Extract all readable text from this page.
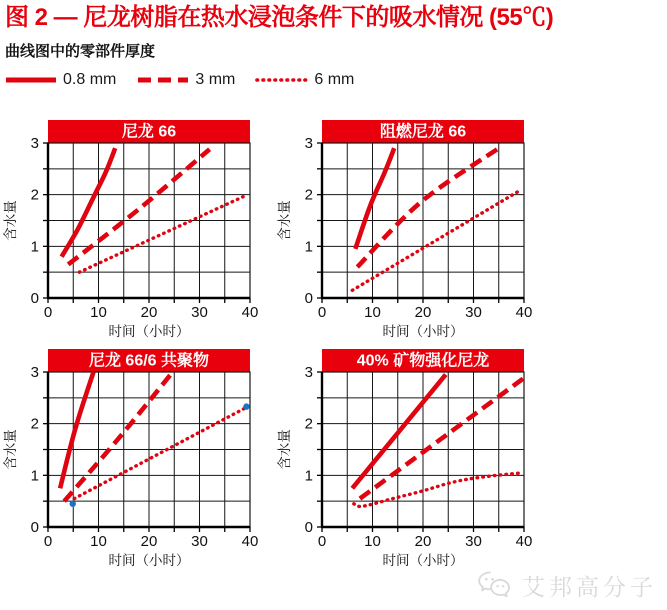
图 2 — 尼龙树脂在热水浸泡条件下的吸水情况 (55℃)
曲线图中的零部件厚度
0.8 mm	3 mm	6 mm
尼龙 66
0
1
2
3
0	10 20 30 40
时间（小时）
含水量
阻燃尼龙 66
0
1
2
3
0	10 20 30 40
时间（小时）
含水量
尼龙 66/6 共聚物
0
1
2
3
0	10 20 30 40
时间（小时）
含水量
40% 矿物强化尼龙
0
1
2
3
0	10 20 30 40
时间（小时）
含水量
艾邦高分子
